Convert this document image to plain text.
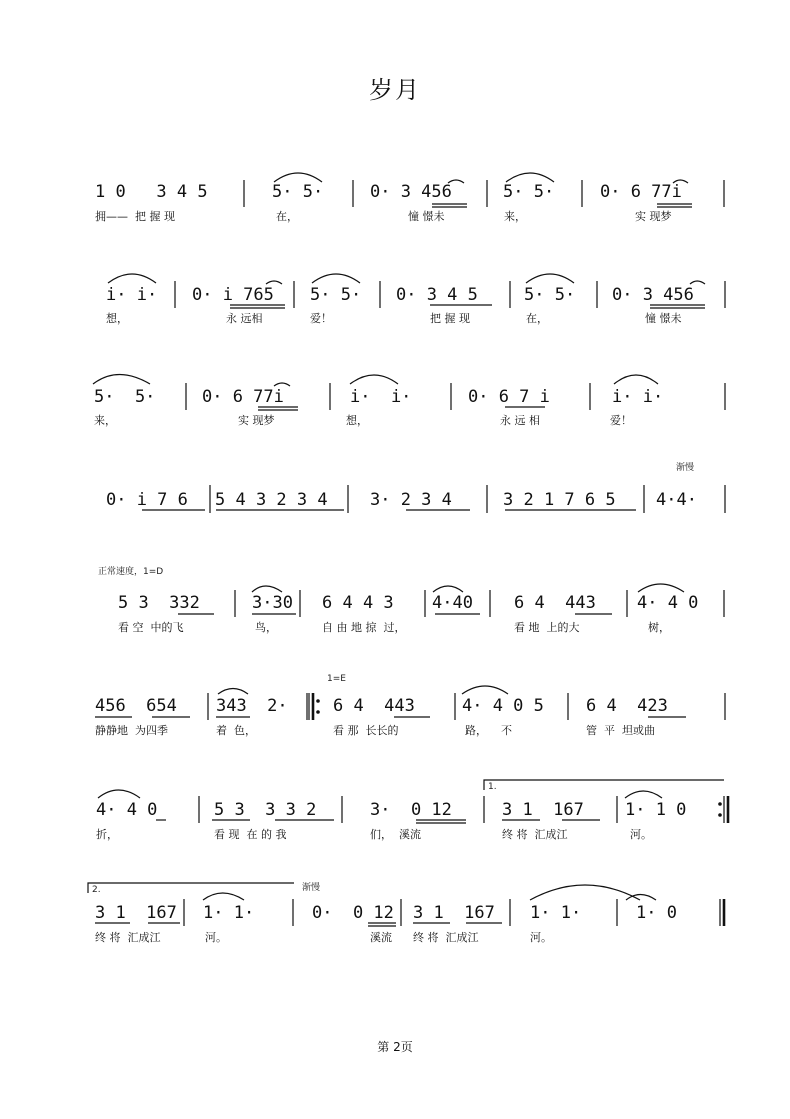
岁月
渐慢
正常速度，1=D
1=E
渐慢
1.
2.
1 0   3 4 5	5· 5·	0· 3 456	5· 5·	0· 6 77i
拥——  把 握 现	在，	憧 憬未	来，	实 现梦
i· i· 0· i 765 5· 5· 0· 3 4 5	5· 5· 0· 3 456
想，	永 远相	爱！	把 握 现	在，	憧 憬未
5·  5·	0· 6 77i	i·  i·	0· 6 7 i	i· i·
来，	实 现梦	想，	永 远 相	爱！
0· i 7 6 5 4 3 2 3 4 3· 2 3 4	3 2 1 7 6 5 4·4·
5 3  332	3·30 6 4 4 3 4·40 6 4  443 4· 4 0
看 空  中的飞	鸟，	自 由 地 掠  过，	看 地  上的大	树，
456  654 343  2·	6 4  443	4· 4 0 5 6 4  423
静静地  为四季	着  色，	看 那  长长的	路，    不	管  平  坦或曲
4· 4 0	5 3  3 3 2	3·  0 12	3 1  167 1· 1 0
折，	看 现  在 的 我	们，  溪流	终 将  汇成江	河。
3 1  167 1· 1·	0·  0 12 3 1  167 1· 1·	1· 0
终 将  汇成江	河。	溪流 终 将  汇成江	河。
第 2页
